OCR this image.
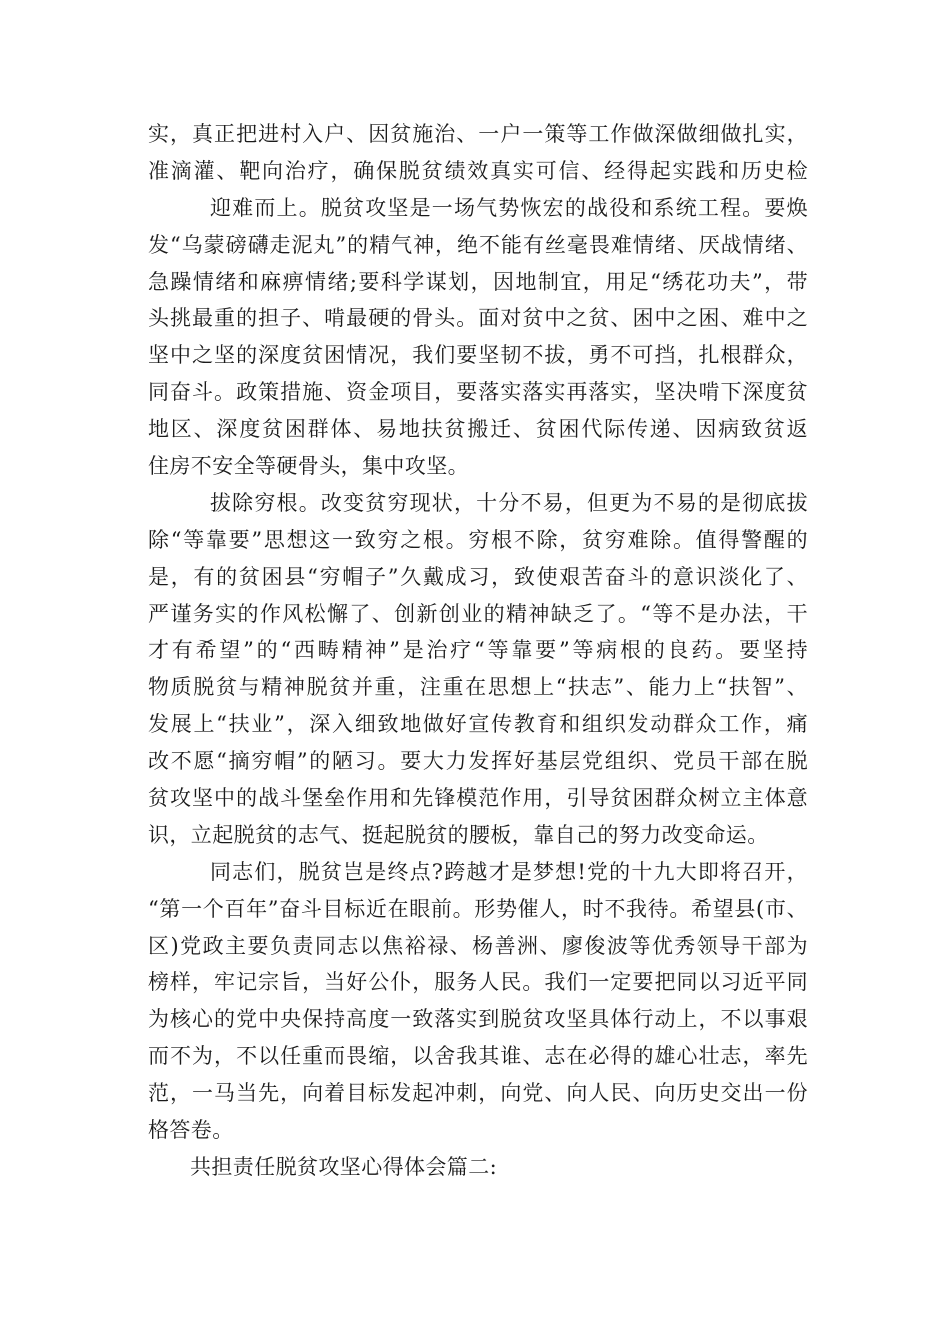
实，真正把进村入户、因贫施治、一户一策等工作做深做细做扎实，
准滴灌、靶向治疗，确保脱贫绩效真实可信、经得起实践和历史检
迎难而上。脱贫攻坚是一场气势恢宏的战役和系统工程。要焕
发“乌蒙磅礴走泥丸”的精气神，绝不能有丝毫畏难情绪、厌战情绪、
急躁情绪和麻痹情绪;要科学谋划，因地制宜，用足“绣花功夫”，带
头挑最重的担子、啃最硬的骨头。面对贫中之贫、困中之困、难中之
坚中之坚的深度贫困情况，我们要坚韧不拔，勇不可挡，扎根群众，
同奋斗。政策措施、资金项目，要落实落实再落实，坚决啃下深度贫
地区、深度贫困群体、易地扶贫搬迁、贫困代际传递、因病致贫返
住房不安全等硬骨头，集中攻坚。
拔除穷根。改变贫穷现状，十分不易，但更为不易的是彻底拔
除“等靠要”思想这一致穷之根。穷根不除，贫穷难除。值得警醒的
是，有的贫困县“穷帽子”久戴成习，致使艰苦奋斗的意识淡化了、
严谨务实的作风松懈了、创新创业的精神缺乏了。“等不是办法，干
才有希望”的“西畴精神”是治疗“等靠要”等病根的良药。要坚持
物质脱贫与精神脱贫并重，注重在思想上“扶志”、能力上“扶智”、
发展上“扶业”，深入细致地做好宣传教育和组织发动群众工作，痛
改不愿“摘穷帽”的陋习。要大力发挥好基层党组织、党员干部在脱
贫攻坚中的战斗堡垒作用和先锋模范作用，引导贫困群众树立主体意
识，立起脱贫的志气、挺起脱贫的腰板，靠自己的努力改变命运。
同志们，脱贫岂是终点?跨越才是梦想!党的十九大即将召开，
“第一个百年”奋斗目标近在眼前。形势催人，时不我待。希望县(市、
区)党政主要负责同志以焦裕禄、杨善洲、廖俊波等优秀领导干部为
榜样，牢记宗旨，当好公仆，服务人民。我们一定要把同以习近平同
为核心的党中央保持高度一致落实到脱贫攻坚具体行动上，不以事艰
而不为，不以任重而畏缩，以舍我其谁、志在必得的雄心壮志，率先
范，一马当先，向着目标发起冲刺，向党、向人民、向历史交出一份
格答卷。
共担责任脱贫攻坚心得体会篇二:
